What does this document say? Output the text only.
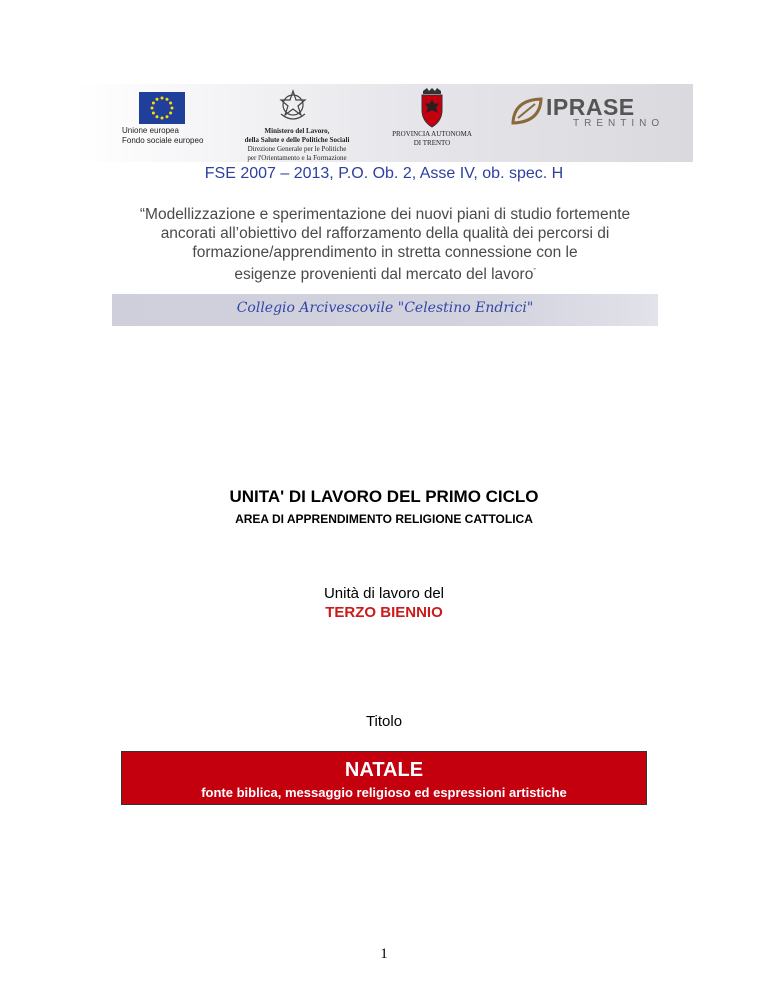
Unione europea
Fondo sociale europeo
Ministero del Lavoro,
della Salute e delle Politiche Sociali
Direzione Generale per le Politiche
per l'Orientamento e la Formazione
PROVINCIA AUTONOMA
DI TRENTO
IPRASE
TRENTINO
FSE 2007 – 2013, P.O. Ob. 2, Asse IV, ob. spec. H
“Modellizzazione e sperimentazione dei nuovi piani di studio fortemente
ancorati all’obiettivo del rafforzamento della qualità dei percorsi di
formazione/apprendimento in stretta connessione con le
esigenze provenienti dal mercato del lavoro”
Collegio Arcivescovile "Celestino Endrici"
UNITA' DI LAVORO DEL PRIMO CICLO
AREA DI APPRENDIMENTO RELIGIONE CATTOLICA
Unità di lavoro del
TERZO BIENNIO
Titolo
NATALE
fonte biblica, messaggio religioso ed espressioni artistiche
1
